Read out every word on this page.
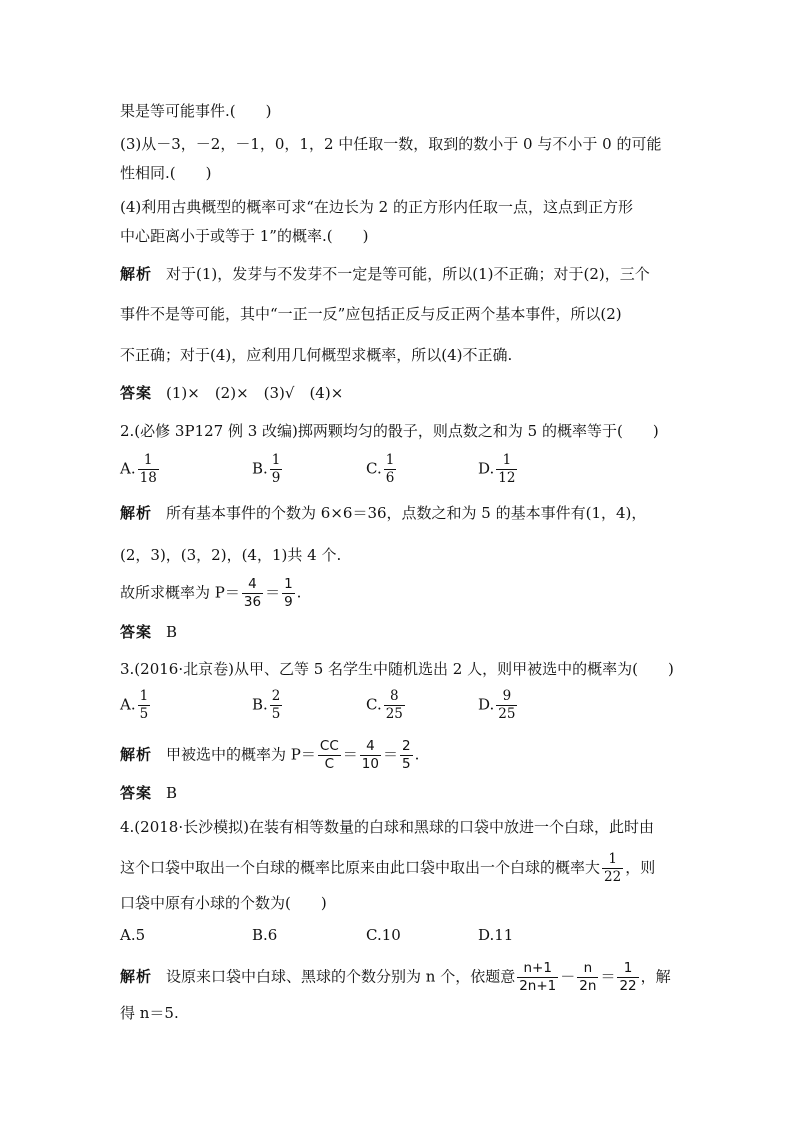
果是等可能事件.(　　)
(3)从－3，－2，－1，0，1，2 中任取一数，取到的数小于 0 与不小于 0 的可能
性相同.(　　)
(4)利用古典概型的概率可求“在边长为 2 的正方形内任取一点，这点到正方形
中心距离小于或等于 1”的概率.(　　)
解析 对于(1)，发芽与不发芽不一定是等可能，所以(1)不正确；对于(2)，三个
事件不是等可能，其中“一正一反”应包括正反与反正两个基本事件，所以(2)
不正确；对于(4)，应利用几何概型求概率，所以(4)不正确.
答案 (1)×　(2)×　(3)√　(4)×
2.(必修 3P127 例 3 改编)掷两颗均匀的骰子，则点数之和为 5 的概率等于(　　)
A. $\frac{1}{18}$	B. $\frac{1}{9}$	C. $\frac{1}{6}$	D. $\frac{1}{12}$
解析 所有基本事件的个数为 6×6＝36，点数之和为 5 的基本事件有(1，4)，
(2，3)，(3，2)，(4，1)共 4 个.
故所求概率为 $P= \frac{4}{36} = \frac{1}{9}$ .
答案 B
3.(2016·北京卷)从甲、乙等 5 名学生中随机选出 2 人，则甲被选中的概率为(　　)
A. $\frac{1}{5}$	B. $\frac{2}{5}$	C. $\frac{8}{25}$	D. $\frac{9}{25}$
解析 甲被选中的概率为 $P= \frac{CC}{C} = \frac{4}{10} = \frac{2}{5}$ .
答案 B
4.(2018·长沙模拟)在装有相等数量的白球和黑球的口袋中放进一个白球，此时由
这个口袋中取出一个白球的概率比原来由此口袋中取出一个白球的概率大 $\frac{1}{22}$ ，则
口袋中原有小球的个数为(　　)
A.5	B.6	C.10	D.11
解析 设原来口袋中白球、黑球的个数分别为 n 个，依题意 $\frac{n+1}{2n+1} - \frac{n}{2n} = \frac{1}{22}$ ，解
得 n＝5.
